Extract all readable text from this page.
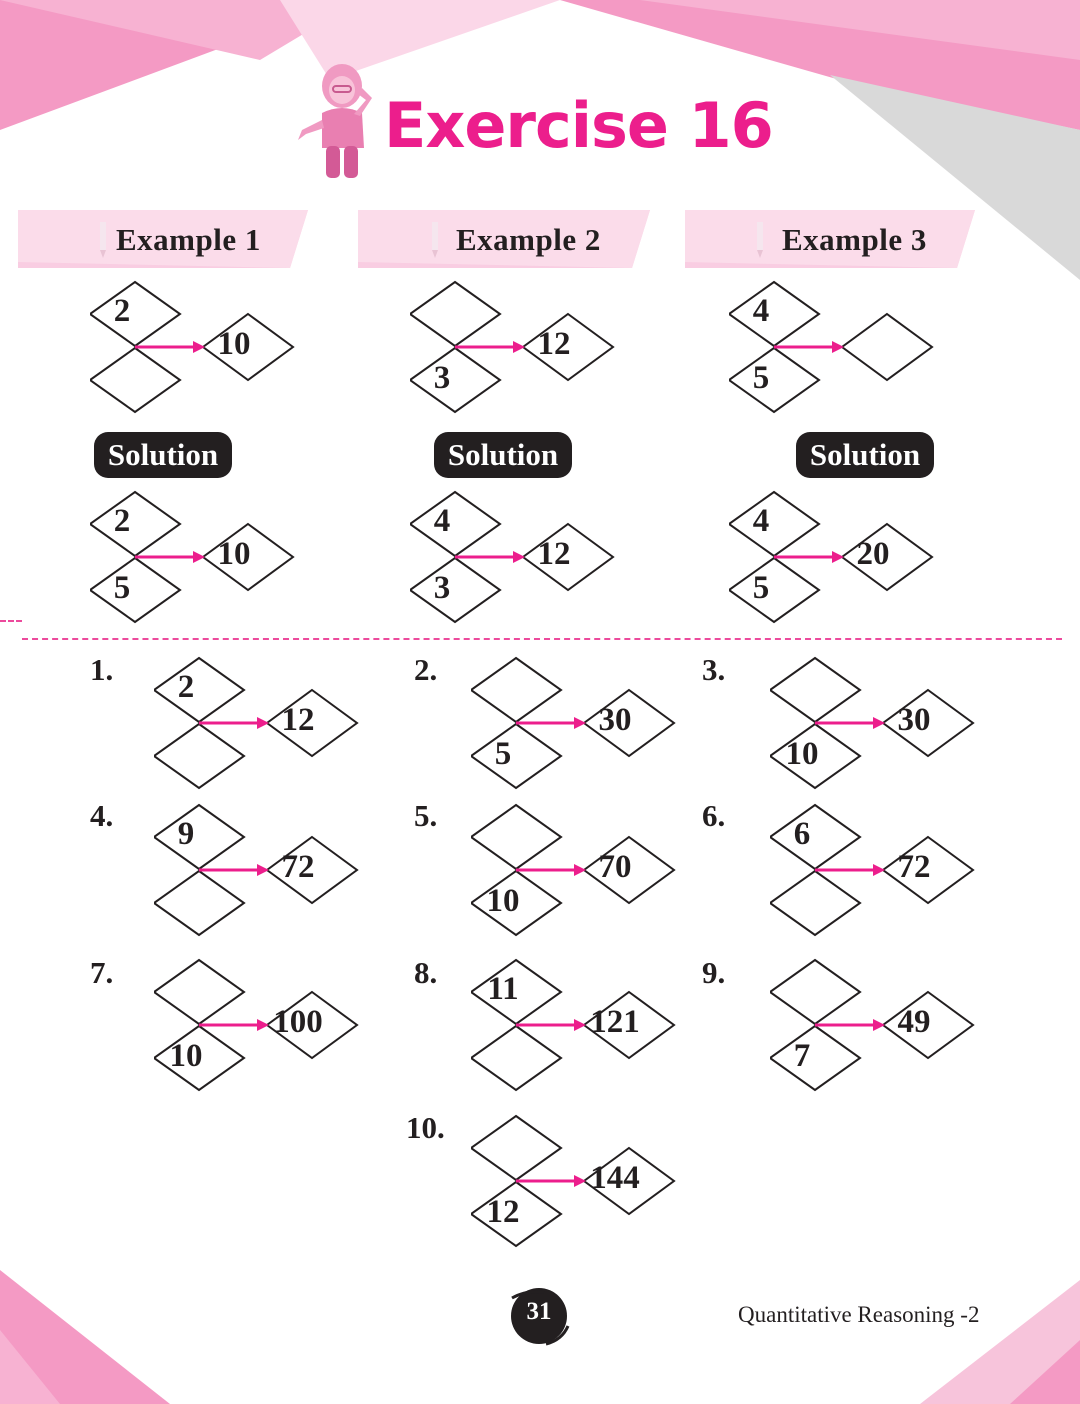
Exercise 16
Example 1	Example 2	Example 3
Solution	Solution	Solution
1.	2.	3.
4.	5.	6.
7.	8.	9.
10.
2
10
3
12
4
5
2
5
10
4
3
12
4
5
20
2
12
5
30
10
30
9
72
10
70
6
72
10
100
11
121
7
49
12
144
31	Quantitative Reasoning -2
